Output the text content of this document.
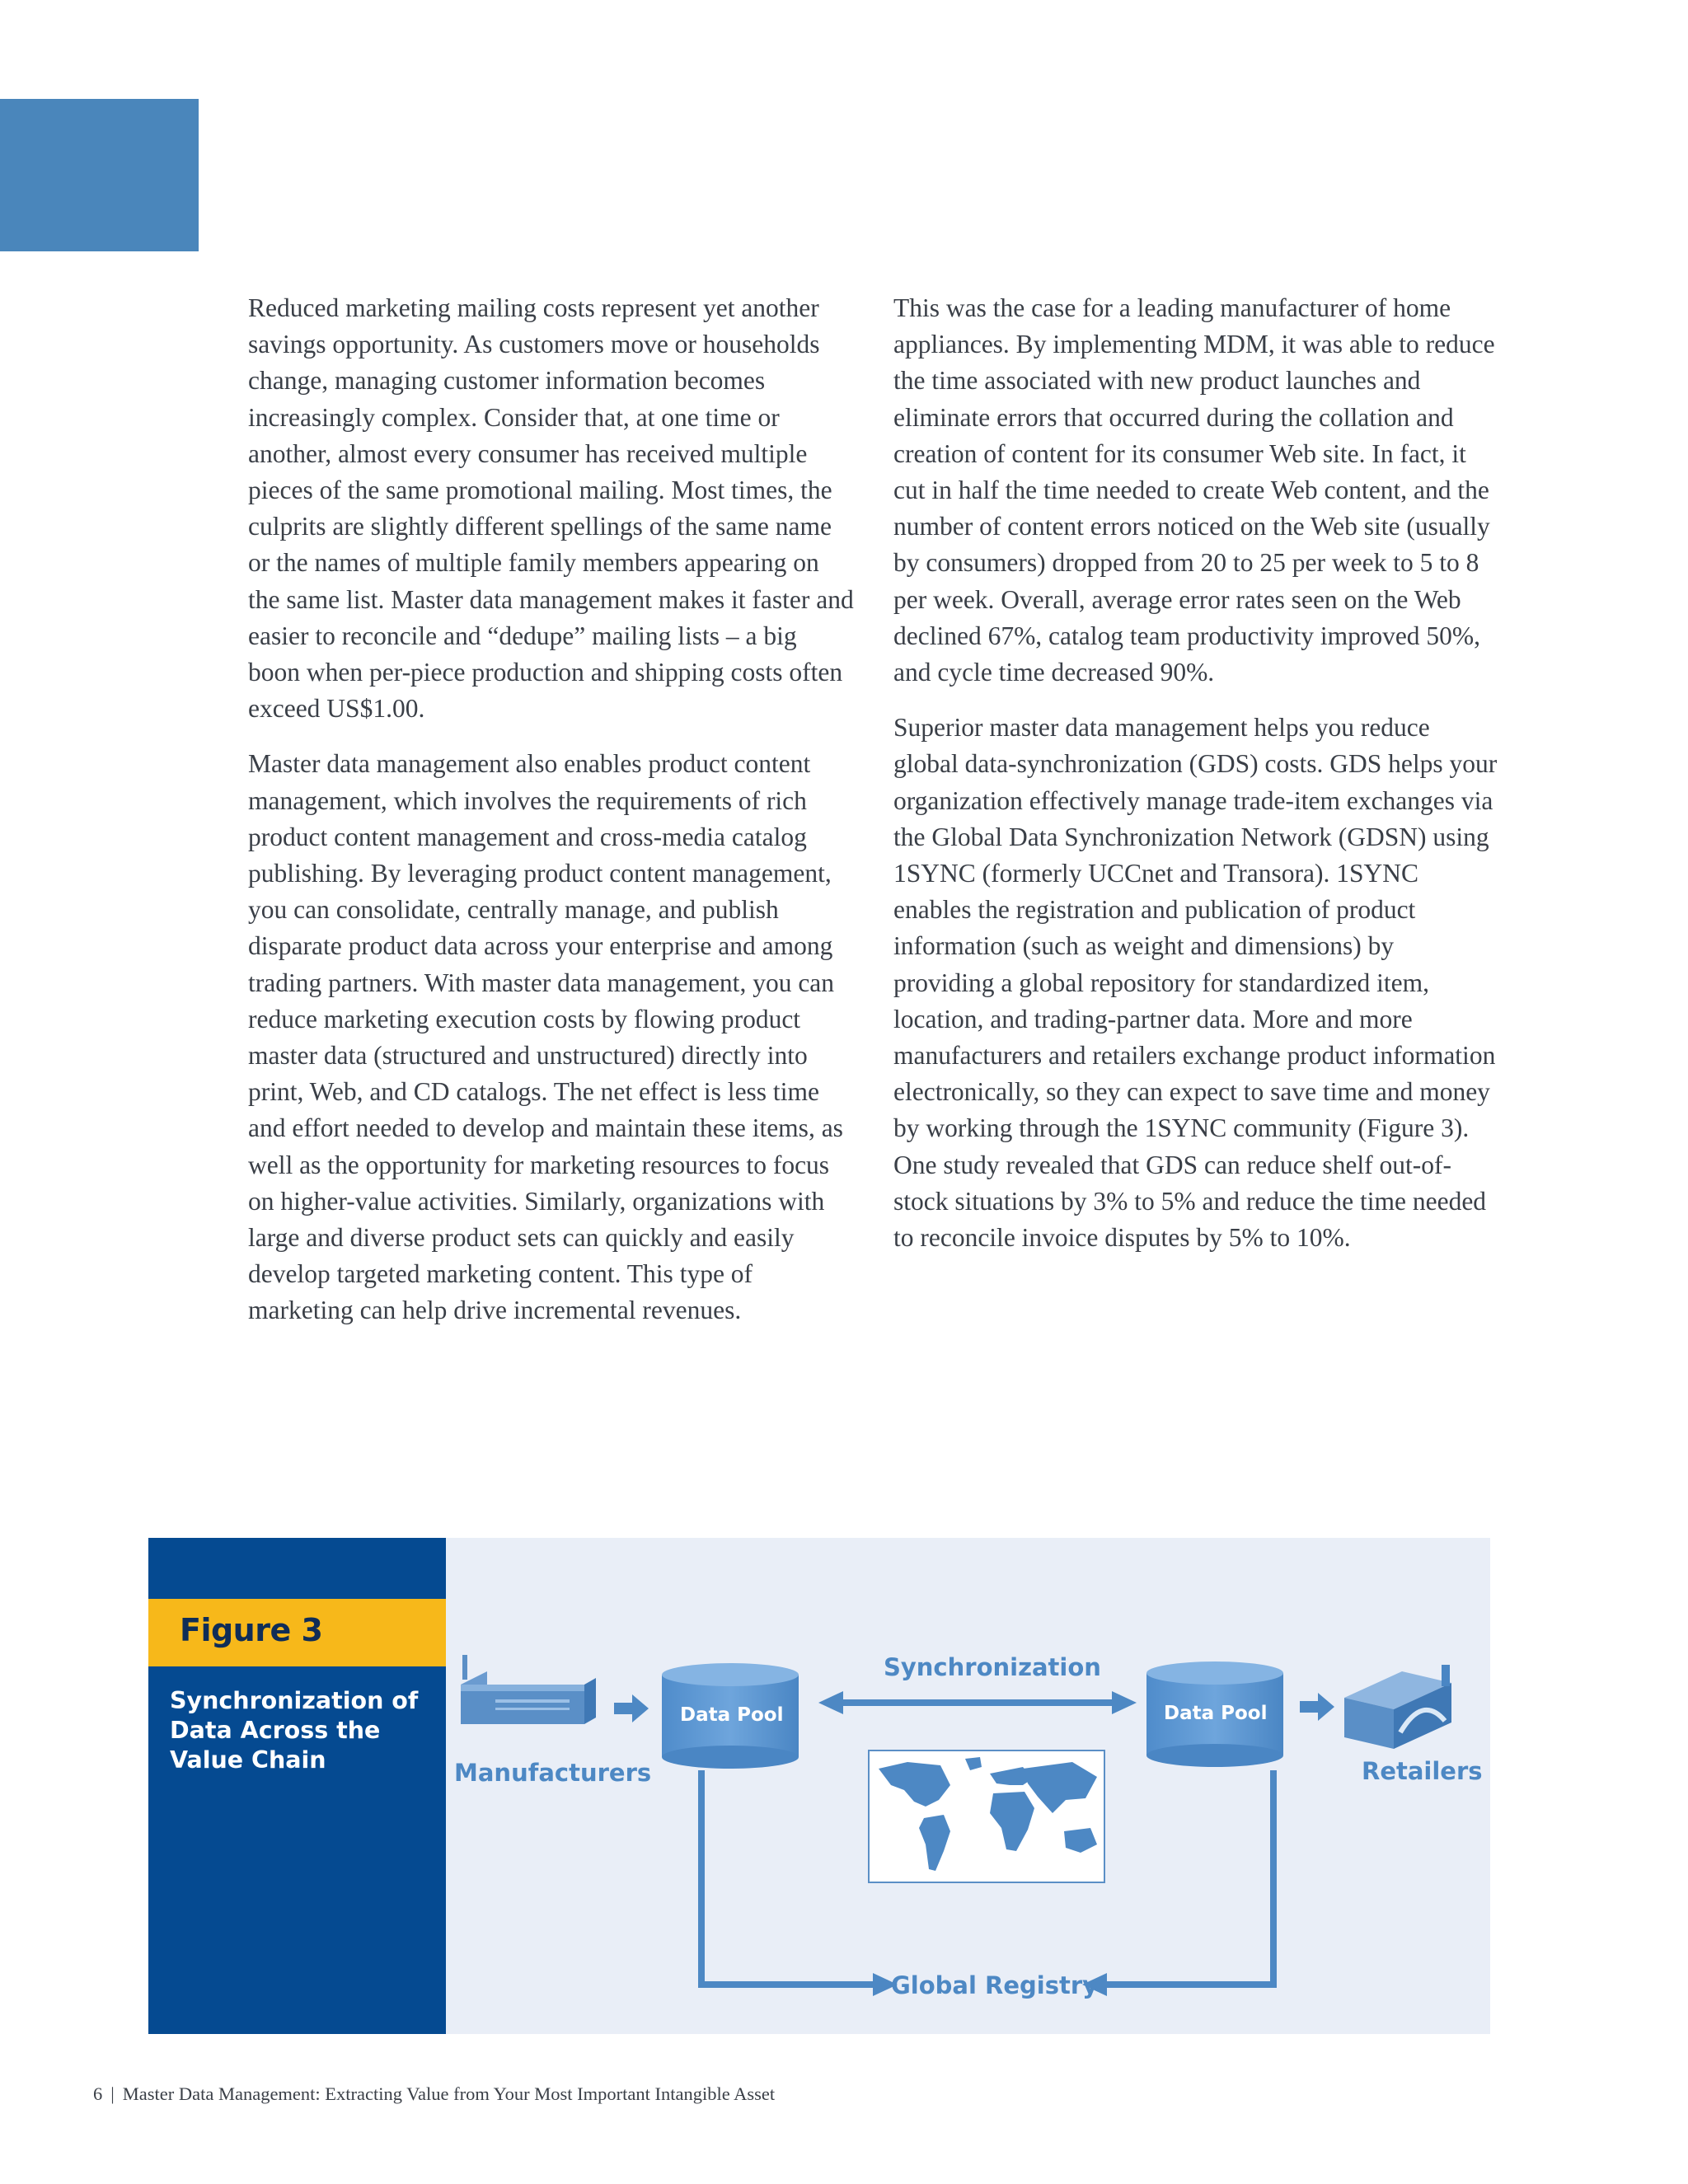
Reduced marketing mailing costs represent yet another savings opportunity. As customers move or households change, managing customer information becomes increasingly complex. Consider that, at one time or another, almost every consumer has received multiple pieces of the same promotional mailing. Most times, the culprits are slightly different spellings of the same name or the names of multiple family members appearing on the same list. Master data management makes it faster and easier to reconcile and “dedupe” mailing lists – a big boon when per-piece production and shipping costs often exceed US$1.00.

Master data management also enables product content management, which involves the requirements of rich product content management and cross-media catalog publishing. By leveraging product content management, you can consolidate, centrally manage, and publish disparate product data across your enterprise and among trading partners. With master data management, you can reduce marketing execution costs by flowing product master data (structured and unstructured) directly into print, Web, and CD catalogs. The net effect is less time and effort needed to develop and maintain these items, as well as the opportunity for marketing resources to focus on higher-value activities. Similarly, organizations with large and diverse product sets can quickly and easily develop targeted marketing content. This type of marketing can help drive incremental revenues.

This was the case for a leading manufacturer of home appliances. By implementing MDM, it was able to reduce the time associated with new product launches and eliminate errors that occurred during the collation and creation of content for its consumer Web site. In fact, it cut in half the time needed to create Web content, and the number of content errors noticed on the Web site (usually by consumers) dropped from 20 to 25 per week to 5 to 8 per week. Overall, average error rates seen on the Web declined 67%, catalog team productivity improved 50%, and cycle time decreased 90%.

Superior master data management helps you reduce global data-synchronization (GDS) costs. GDS helps your organization effectively manage trade-item exchanges via the Global Data Synchronization Network (GDSN) using 1SYNC (formerly UCCnet and Transora). 1SYNC enables the registration and publication of product information (such as weight and dimensions) by providing a global repository for standardized item, location, and trading-partner data. More and more manufacturers and retailers exchange product information electronically, so they can expect to save time and money by working through the 1SYNC community (Figure 3). One study revealed that GDS can reduce shelf out-of-stock situations by 3% to 5% and reduce the time needed to reconcile invoice disputes by 5% to 10%.

Figure 3
Synchronization of Data Across the Value Chain	Manufacturers	Retailers
Synchronization
Global Registry
Data Pool	Data Pool
6 | Master Data Management: Extracting Value from Your Most Important Intangible Asset
